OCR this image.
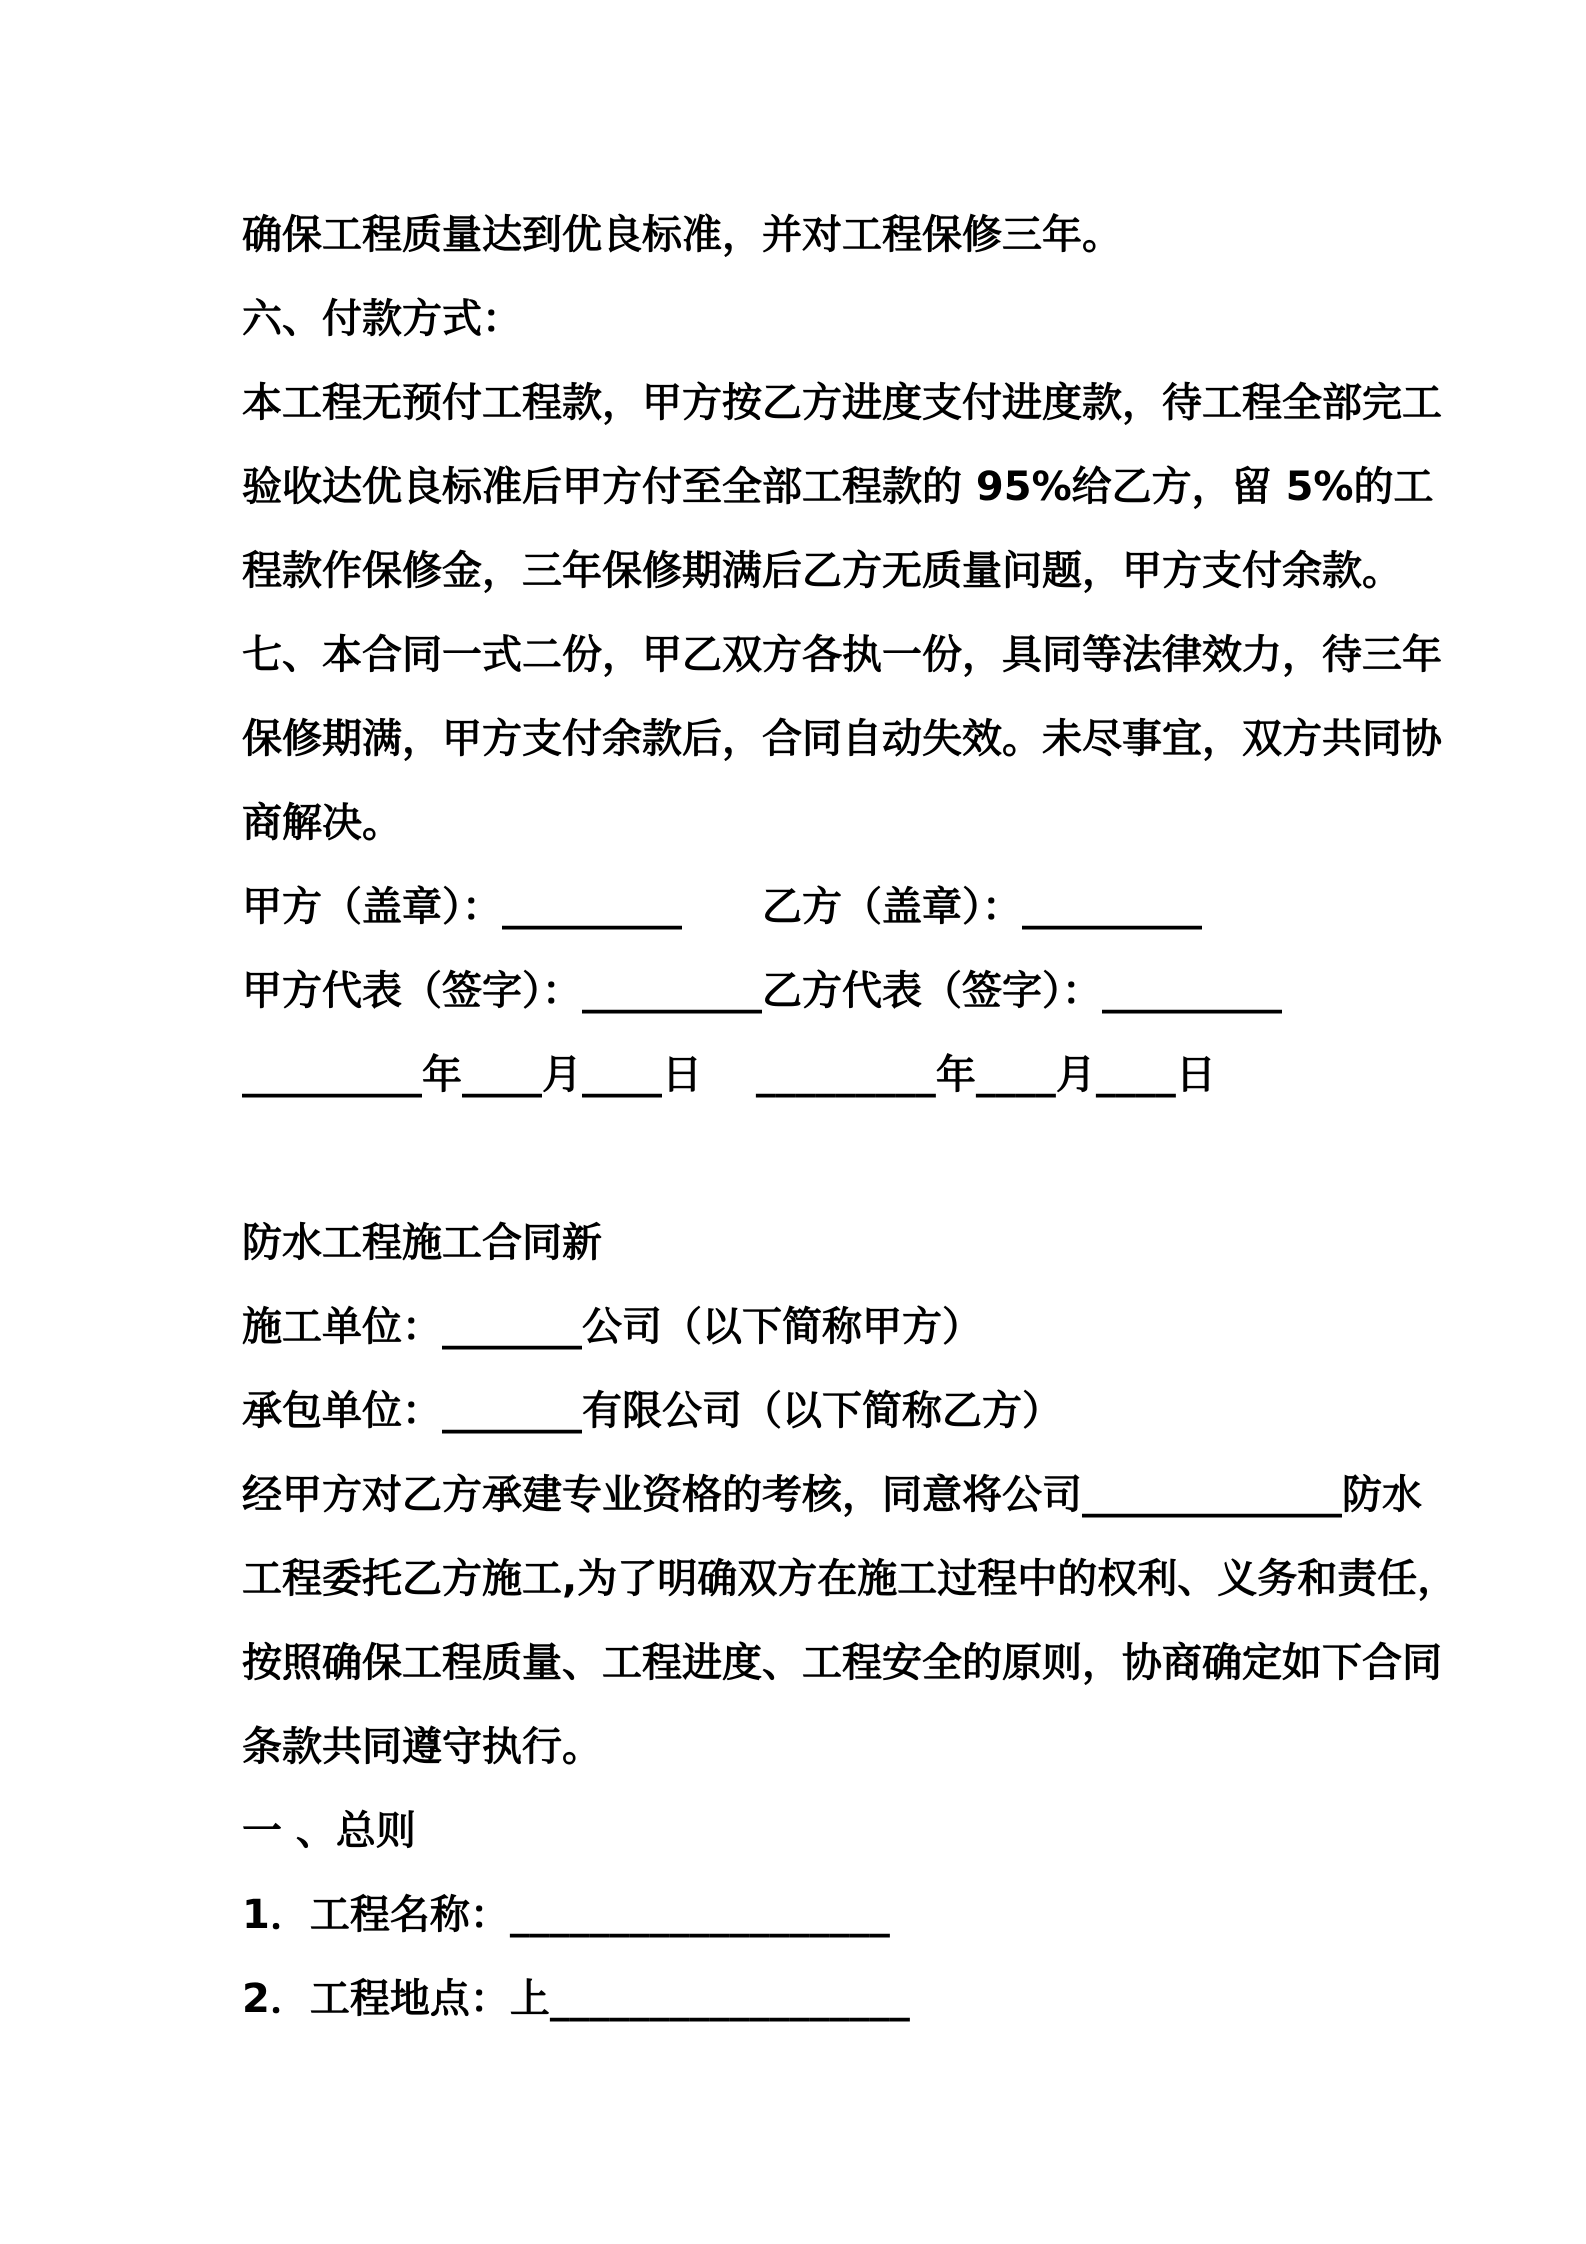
确保工程质量达到优良标准，并对工程保修三年。
六、付款方式：
本工程无预付工程款，甲方按乙方进度支付进度款，待工程全部完工
验收达优良标准后甲方付至全部工程款的 95%给乙方，留 5%的工
程款作保修金，三年保修期满后乙方无质量问题，甲方支付余款。
七、本合同一式二份，甲乙双方各执一份，具同等法律效力，待三年
保修期满，甲方支付余款后，合同自动失效。未尽事宜，双方共同协
商解决。
甲方（盖章）：_________　　乙方（盖章）：_________
甲方代表（签字）：_________乙方代表（签字）：_________
_________年____月____日　 _________年____月____日
防水工程施工合同新
施工单位：_______公司（以下简称甲方）
承包单位：_______有限公司（以下简称乙方）
经甲方对乙方承建专业资格的考核，同意将公司_____________防水
工程委托乙方施工,为了明确双方在施工过程中的权利、义务和责任，
按照确保工程质量、工程进度、工程安全的原则，协商确定如下合同
条款共同遵守执行。
一 、总则
1．工程名称：___________________
2．工程地点：上__________________
